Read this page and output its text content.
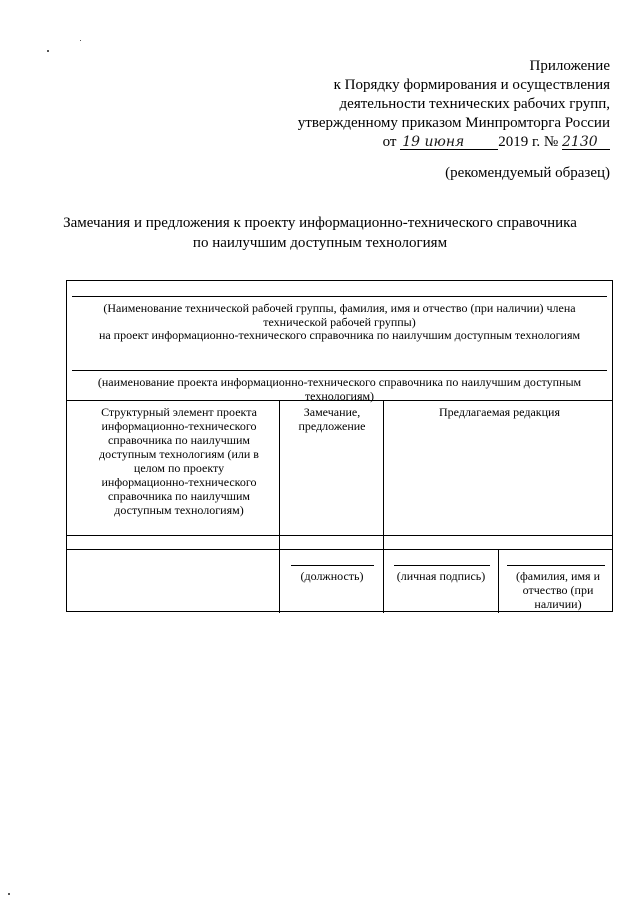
Приложение
к Порядку формирования и осуществления
деятельности технических рабочих групп,
утвержденному приказом Минпромторга России
от 19 июня 2019 г. № 2130
(рекомендуемый образец)
Замечания и предложения к проекту информационно-технического справочника
по наилучшим доступным технологиям
(Наименование технической рабочей группы, фамилия, имя и отчество (при наличии) члена технической рабочей группы)
на проект информационно-технического справочника по наилучшим доступным технологиям
(наименование проекта информационно-технического справочника по наилучшим доступным технологиям)
Структурный элемент проекта информационно-технического справочника по наилучшим доступным технологиям (или в целом по проекту информационно-технического справочника по наилучшим доступным технологиям)
Замечание, предложение
Предлагаемая редакция
(должность)	(личная подпись)	(фамилия, имя и отчество (при наличии)
